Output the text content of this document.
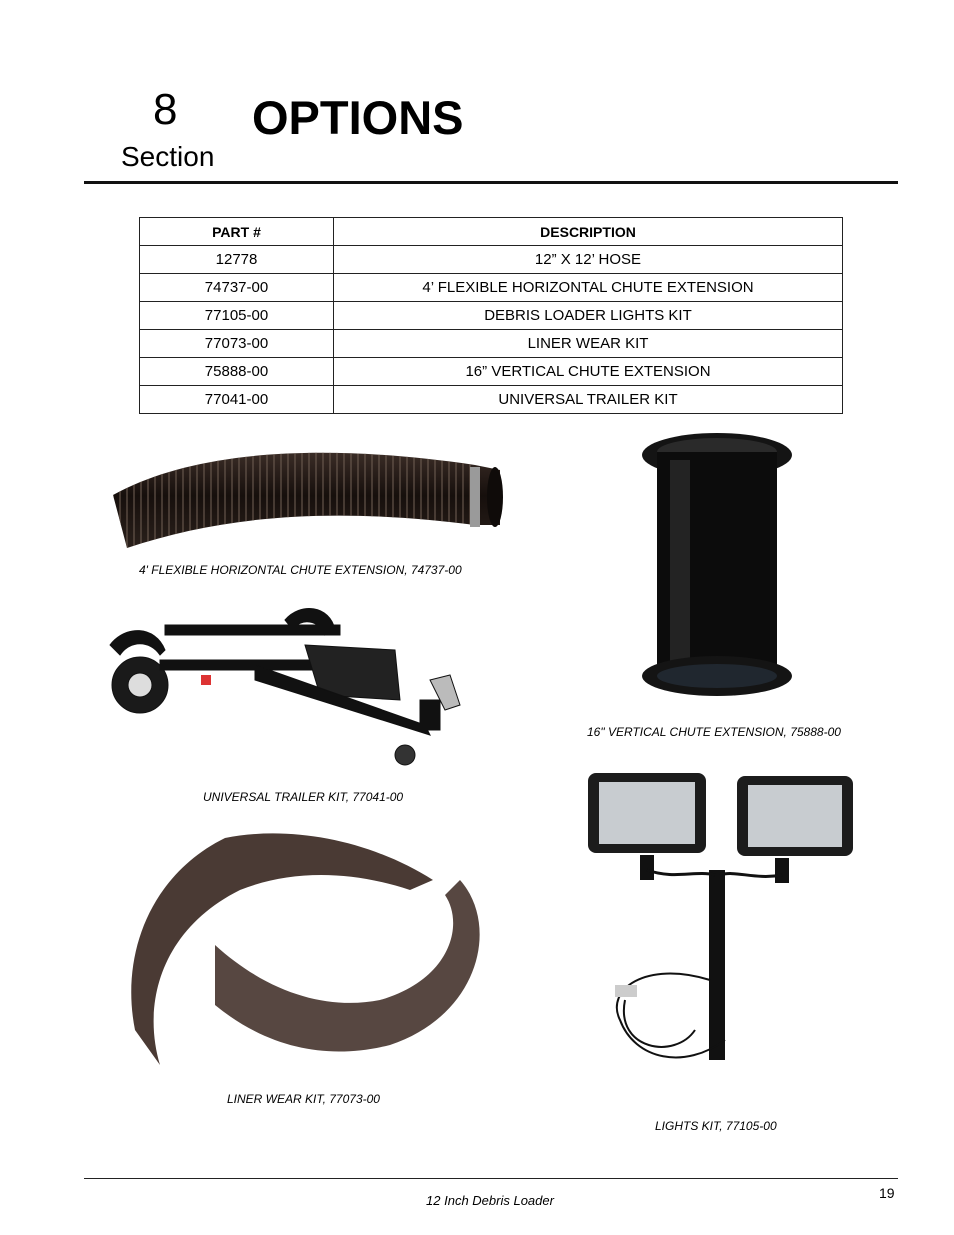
8
Section
OPTIONS
PART #	DESCRIPTION
12778	12” X 12’ HOSE
74737-00	4’ FLEXIBLE HORIZONTAL CHUTE EXTENSION
77105-00	DEBRIS LOADER LIGHTS KIT
77073-00	LINER WEAR KIT
75888-00	16” VERTICAL CHUTE EXTENSION
77041-00	UNIVERSAL TRAILER KIT
4' FLEXIBLE HORIZONTAL CHUTE EXTENSION, 74737-00
16" VERTICAL CHUTE EXTENSION, 75888-00
UNIVERSAL TRAILER KIT, 77041-00
LIGHTS KIT, 77105-00
LINER WEAR KIT, 77073-00
12 Inch Debris Loader	19
